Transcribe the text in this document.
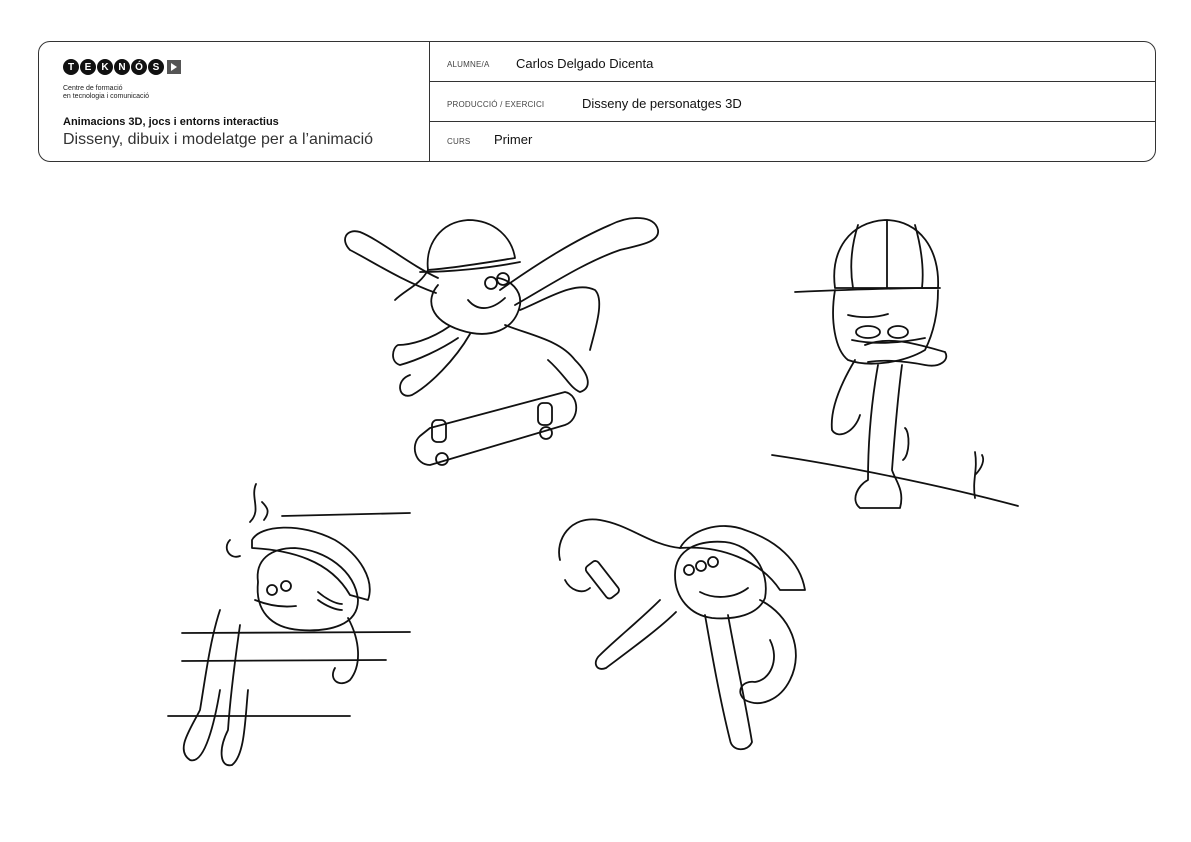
T	E	K N Ó S
Centre de formació
en tecnologia i comunicació
Animacions 3D, jocs i entorns interactius
Disseny, dibuix i modelatge per a l’animació
ALUMNE/A Carlos Delgado Dicenta
PRODUCCIÓ / EXERCICI	Disseny de personatges 3D
CURS Primer
